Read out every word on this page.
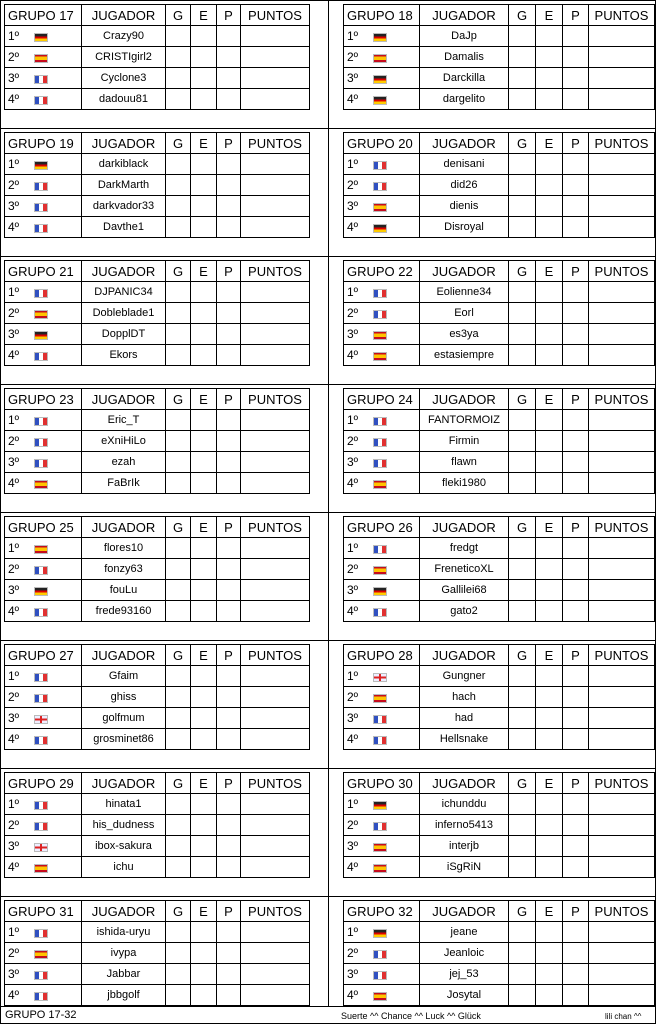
GRUPO 17	JUGADOR	G	E	P	PUNTOS
1º	Crazy90				
2º	CRISTIgirl2				
3º	Cyclone3				
4º	dadouu81				
GRUPO 18	JUGADOR	G	E	P	PUNTOS
1º	DaJp				
2º	Damalis				
3º	Darckilla				
4º	dargelito				
GRUPO 19	JUGADOR	G	E	P	PUNTOS
1º	darkiblack				
2º	DarkMarth				
3º	darkvador33				
4º	Davthe1				
GRUPO 20	JUGADOR	G	E	P	PUNTOS
1º	denisani				
2º	did26				
3º	dienis				
4º	Disroyal				
GRUPO 21	JUGADOR	G	E	P	PUNTOS
1º	DJPANIC34				
2º	Dobleblade1				
3º	DopplDT				
4º	Ekors				
GRUPO 22	JUGADOR	G	E	P	PUNTOS
1º	Eolienne34				
2º	Eorl				
3º	es3ya				
4º	estasiempre				
GRUPO 23	JUGADOR	G	E	P	PUNTOS
1º	Eric_T				
2º	eXniHiLo				
3º	ezah				
4º	FaBrIk				
GRUPO 24	JUGADOR	G	E	P	PUNTOS
1º	FANTORMOIZ				
2º	Firmin				
3º	flawn				
4º	fleki1980				
GRUPO 25	JUGADOR	G	E	P	PUNTOS
1º	flores10				
2º	fonzy63				
3º	fouLu				
4º	frede93160				
GRUPO 26	JUGADOR	G	E	P	PUNTOS
1º	fredgt				
2º	FreneticoXL				
3º	Gallilei68				
4º	gato2				
GRUPO 27	JUGADOR	G	E	P	PUNTOS
1º	Gfaim				
2º	ghiss				
3º	golfmum				
4º	grosminet86				
GRUPO 28	JUGADOR	G	E	P	PUNTOS
1º	Gungner				
2º	hach				
3º	had				
4º	Hellsnake				
GRUPO 29	JUGADOR	G	E	P	PUNTOS
1º	hinata1				
2º	his_dudness				
3º	ibox-sakura				
4º	ichu				
GRUPO 30	JUGADOR	G	E	P	PUNTOS
1º	ichunddu				
2º	inferno5413				
3º	interjb				
4º	iSgRiN				
GRUPO 31	JUGADOR	G	E	P	PUNTOS
1º	ishida-uryu				
2º	ivypa				
3º	Jabbar				
4º	jbbgolf				
GRUPO 32	JUGADOR	G	E	P	PUNTOS
1º	jeane				
2º	Jeanloic				
3º	jej_53				
4º	Josytal				
GRUPO 17-32	Suerte ^^ Chance ^^ Luck ^^ Glück	lili chan ^^
